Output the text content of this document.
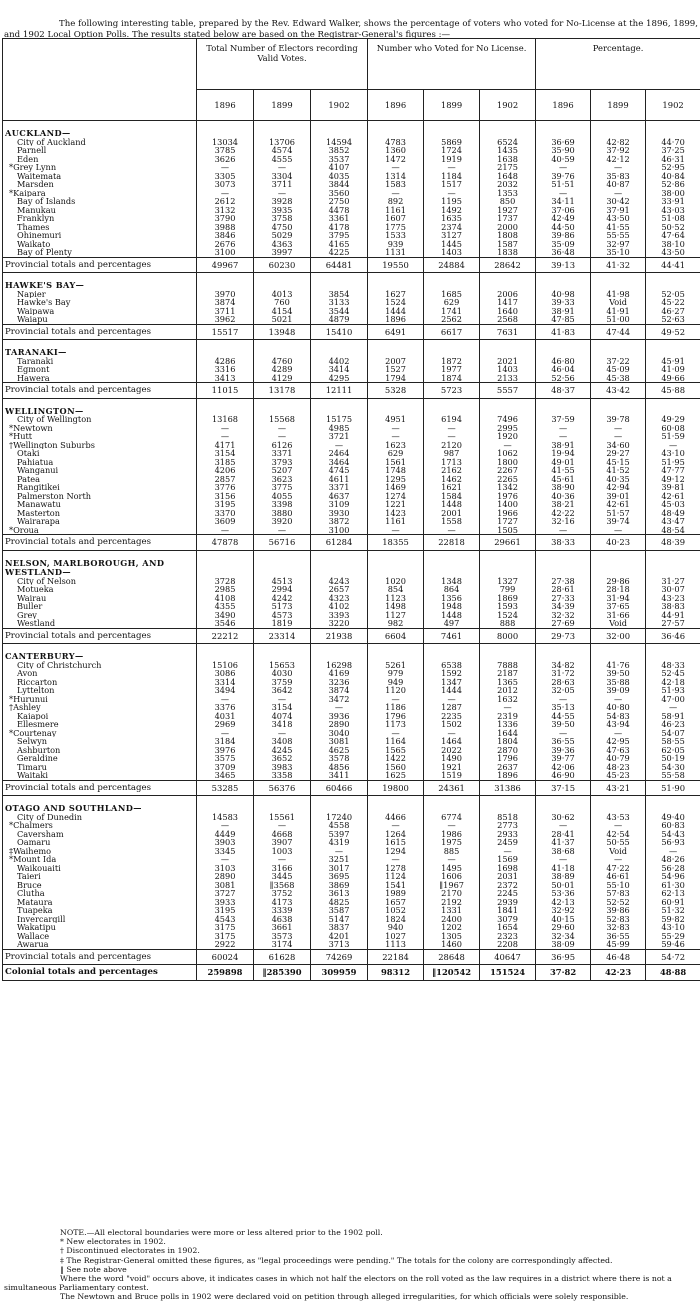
The following interesting table, prepared by the Rev. Edward Walker, shows the percentage of voters who voted for No-License at the 1896, 1899, and 1902 Local Option Polls. The results stated below are based on the Registrar-General's figures :—

	Total Number of Electors recording Valid Votes.			Number who Voted for No License.			Percentage.		
	1896	1899	1902	1896	1899	1902	1896	1899	1902
AUCKLAND—									
City of Auckland	13034	13706	14594	4783	5869	6524	36·69	42·82	44·70
Parnell	3785	4574	3852	1360	1724	1435	35·90	37·92	37·25
Eden	3626	4555	3537	1472	1919	1638	40·59	42·12	46·31
*Grey Lynn	—	—	4107	—	—	2175	—	—	52·95
Waitemata	3305	3304	4035	1314	1184	1648	39·76	35·83	40·84
Marsden	3073	3711	3844	1583	1517	2032	51·51	40·87	52·86
*Kaipara	—	—	3560	—	—	1353	—	—	38·00
Bay of Islands	2612	3928	2750	892	1195	850	34·11	30·42	33·91
Manukau	3132	3935	4478	1161	1492	1927	37·06	37·91	43·03
Franklyn	3790	3758	3361	1607	1635	1737	42·49	43·50	51·08
Thames	3988	4750	4178	1775	2374	2000	44·50	41·55	50·52
Ohinemuri	3846	5029	3795	1533	3127	1808	39·86	55·55	47·64
Waikato	2676	4363	4165	939	1445	1587	35·09	32·97	38·10
Bay of Plenty	3100	3997	4225	1131	1403	1838	36·48	35·10	43·50
Provincial totals and percentages	49967	60230	64481	19550	24884	28642	39·13	41·32	44·41
HAWKE'S BAY—									
Napier	3970	4013	3854	1627	1685	2006	40·98	41·98	52·05
Hawke's Bay	3874	760	3133	1524	629	1417	39·33	Void	45·22
Waipawa	3711	4154	3544	1444	1741	1640	38·91	41·91	46·27
Waiapu	3962	5021	4879	1896	2562	2568	47·85	51·00	52·63
Provincial totals and percentages	15517	13948	15410	6491	6617	7631	41·83	47·44	49·52
TARANAKI—									
Taranaki	4286	4760	4402	2007	1872	2021	46·80	37·22	45·91
Egmont	3316	4289	3414	1527	1977	1403	46·04	45·09	41·09
Hawera	3413	4129	4295	1794	1874	2133	52·56	45·38	49·66
Provincial totals and percentages	11015	13178	12111	5328	5723	5557	48·37	43·42	45·88
WELLINGTON—									
City of Wellington	13168	15568	15175	4951	6194	7496	37·59	39·78	49·29
*Newtown	—	—	4985	—	—	2995	—	—	60·08
*Hutt	—	—	3721	—	—	1920	—	—	51·59
†Wellington Suburbs	4171	6126	—	1623	2120	—	38·91	34·60	—
Otaki	3154	3371	2464	629	987	1062	19·94	29·27	43·10
Pahiatua	3185	3793	3464	1561	1713	1800	49·01	45·15	51·95
Wanganui	4206	5207	4745	1748	2162	2267	41·55	41·52	47·77
Patea	2857	3623	4611	1295	1462	2265	45·61	40·35	49·12
Rangitikei	3776	3775	3371	1469	1621	1342	38·90	42·94	39·81
Palmerston North	3156	4055	4637	1274	1584	1976	40·36	39·01	42·61
Manawatu	3195	3398	3109	1221	1448	1400	38·21	42·61	45·03
Masterton	3370	3880	3930	1423	2001	1966	42·22	51·57	48·49
Wairarapa	3609	3920	3872	1161	1558	1727	32·16	39·74	43·47
*Oroua	—	—	3100	—	—	1505	—	—	48·54
Provincial totals and percentages	47878	56716	61284	18355	22818	29661	38·33	40·23	48·39
NELSON, MARLBOROUGH, AND WESTLAND—									
City of Nelson	3728	4513	4243	1020	1348	1327	27·38	29·86	31·27
Motueka	2985	2994	2657	854	864	799	28·61	28·18	30·07
Wairau	4108	4242	4323	1123	1356	1869	27·33	31·94	43·23
Buller	4355	5173	4102	1498	1948	1593	34·39	37·65	38·83
Grey	3490	4573	3393	1127	1448	1524	32·32	31·66	44·91
Westland	3546	1819	3220	982	497	888	27·69	Void	27·57
Provincial totals and percentages	22212	23314	21938	6604	7461	8000	29·73	32·00	36·46
CANTERBURY—									
City of Christchurch	15106	15653	16298	5261	6538	7888	34·82	41·76	48·33
Avon	3086	4030	4169	979	1592	2187	31·72	39·50	52·45
Riccarton	3314	3759	3236	949	1347	1365	28·63	35·88	42·18
Lyttelton	3494	3642	3874	1120	1444	2012	32·05	39·09	51·93
*Hurunui	—	—	3472	—	—	1632	—	—	47·00
†Ashley	3376	3154	—	1186	1287	—	35·13	40·80	—
Kaiapoi	4031	4074	3936	1796	2235	2319	44·55	54·83	58·91
Ellesmere	2969	3418	2890	1173	1502	1336	39·50	43·94	46·23
*Courtenay	—	—	3040	—	—	1644	—	—	54·07
Selwyn	3184	3408	3081	1164	1464	1804	36·55	42·95	58·55
Ashburton	3976	4245	4625	1565	2022	2870	39·36	47·63	62·05
Geraldine	3575	3652	3578	1422	1490	1796	39·77	40·79	50·19
Timaru	3709	3983	4856	1560	1921	2637	42·06	48·23	54·30
Waitaki	3465	3358	3411	1625	1519	1896	46·90	45·23	55·58
Provincial totals and percentages	53285	56376	60466	19800	24361	31386	37·15	43·21	51·90
OTAGO AND SOUTHLAND—									
City of Dunedin	14583	15561	17240	4466	6774	8518	30·62	43·53	49·40
*Chalmers	—	—	4558	—	—	2773	—	—	60·83
Caversham	4449	4668	5397	1264	1986	2933	28·41	42·54	54·43
Oamaru	3903	3907	4319	1615	1975	2459	41·37	50·55	56·93
‡Waihemo	3345	1003	—	1294	885	—	38·68	Void	—
*Mount Ida	—	—	3251	—	—	1569	—	—	48·26
Waikouaiti	3103	3166	3017	1278	1495	1698	41·18	47·22	56·28
Taieri	2890	3445	3695	1124	1606	2031	38·89	46·61	54·96
Bruce	3081	‖3568	3869	1541	‖1967	2372	50·01	55·10	61·30
Clutha	3727	3752	3613	1989	2170	2245	53·36	57·83	62·13
Mataura	3933	4173	4825	1657	2192	2939	42·13	52·52	60·91
Tuapeka	3195	3339	3587	1052	1331	1841	32·92	39·86	51·32
Invercargill	4543	4638	5147	1824	2400	3079	40·15	52·83	59·82
Wakatipu	3175	3661	3837	940	1202	1654	29·60	32·83	43·10
Wallace	3175	3573	4201	1027	1305	2323	32·34	36·55	55·29
Awarua	2922	3174	3713	1113	1460	2208	38·09	45·99	59·46
Provincial totals and percentages	60024	61628	74269	22184	28648	40647	36·95	46·48	54·72
Colonial totals and percentages	259898	‖285390	309959	98312	‖120542	151524	37·82	42·23	48·88

NOTE.—All electoral boundaries were more or less altered prior to the 1902 poll.

* New electorates in 1902.

† Discontinued electorates in 1902.

‡ The Registrar-General omitted these figures, as "legal proceedings were pending." The totals for the colony are correspondingly affected.

‖ See note above

Where the word "void" occurs above, it indicates cases in which not half the electors on the roll voted as the law requires in a district where there is not a simultaneous Parliamentary contest.

The Newtown and Bruce polls in 1902 were declared void on petition through alleged irregularities, for which officials were solely responsible.
